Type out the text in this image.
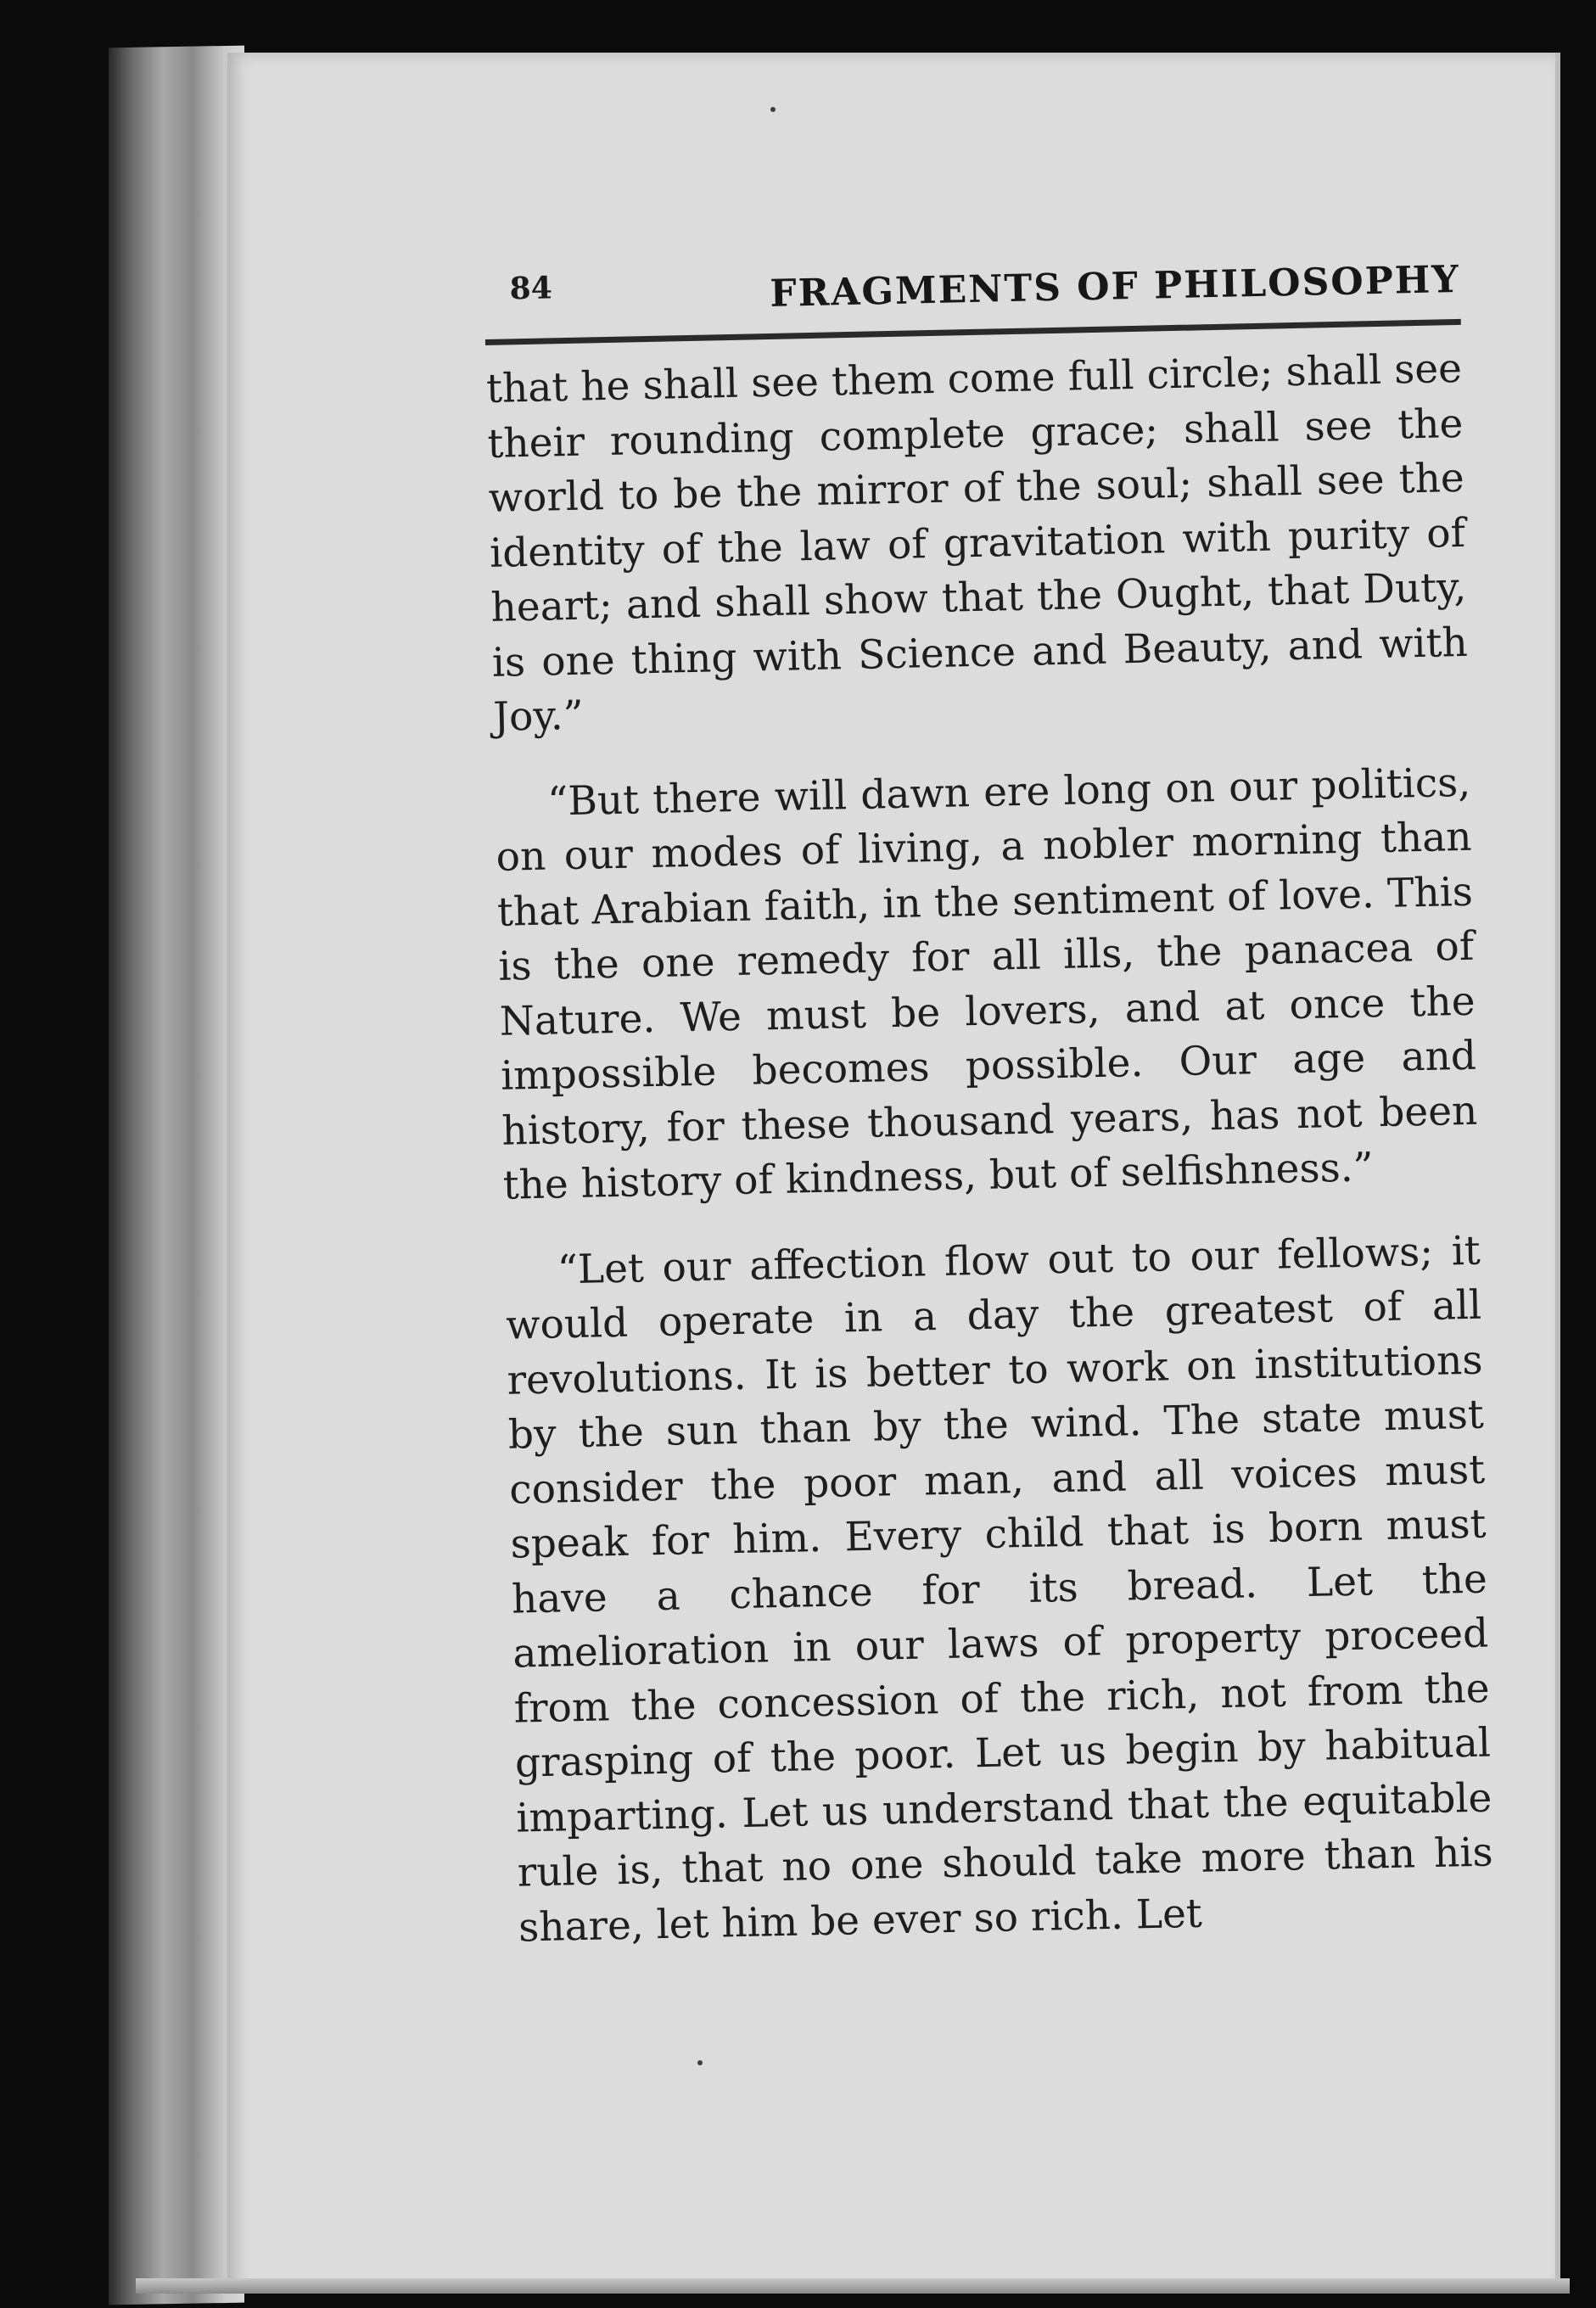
84	FRAGMENTS OF PHILOSOPHY

that he shall see them come full circle; shall see their rounding complete grace; shall see the world to be the mirror of the soul; shall see the identity of the law of gravitation with purity of heart; and shall show that the Ought, that Duty, is one thing with Science and Beauty, and with Joy.”

“But there will dawn ere long on our politics, on our modes of living, a nobler morning than that Arabian faith, in the sentiment of love. This is the one remedy for all ills, the panacea of Nature. We must be lovers, and at once the impossible becomes possible. Our age and history, for these thousand years, has not been the history of kindness, but of selfishness.”

“Let our affection flow out to our fellows; it would operate in a day the greatest of all revolutions. It is better to work on institutions by the sun than by the wind. The state must consider the poor man, and all voices must speak for him. Every child that is born must have a chance for its bread. Let the amelioration in our laws of property proceed from the concession of the rich, not from the grasping of the poor. Let us begin by habitual imparting. Let us understand that the equitable rule is, that no one should take more than his share, let him be ever so rich. Let
